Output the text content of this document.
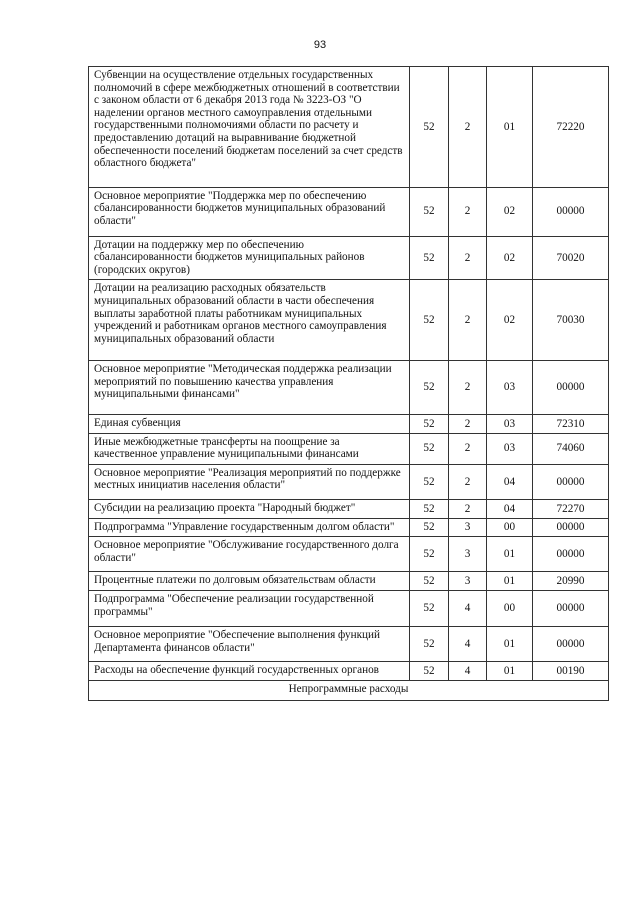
93
Субвенции на осуществление отдельных государственных полномочий в сфере межбюджетных отношений в соответствии с законом области от 6 декабря 2013 года № 3223-ОЗ "О наделении органов местного самоуправления отдельными государственными полномочиями области по расчету и предоставлению дотаций на выравнивание бюджетной обеспеченности поселений бюджетам поселений за счет средств областного бюджета"	52	2	01	72220
Основное мероприятие "Поддержка мер по обеспечению сбалансированности бюджетов муниципальных образований области"	52	2	02	00000
Дотации на поддержку мер по обеспечению сбалансированности бюджетов муниципальных районов (городских округов)	52	2	02	70020
Дотации на реализацию расходных обязательств муниципальных образований области в части обеспечения выплаты заработной платы работникам муниципальных учреждений и работникам органов местного самоуправления муниципальных образований области	52	2	02	70030
Основное мероприятие "Методическая поддержка реализации мероприятий по повышению качества управления муниципальными финансами"	52	2	03	00000
Единая субвенция	52	2	03	72310
Иные межбюджетные трансферты на поощрение за качественное управление муниципальными финансами	52	2	03	74060
Основное мероприятие "Реализация мероприятий по поддержке местных инициатив населения области"	52	2	04	00000
Субсидии на реализацию проекта "Народный бюджет"	52	2	04	72270
Подпрограмма "Управление государственным долгом области"	52	3	00	00000
Основное мероприятие "Обслуживание государственного долга области"	52	3	01	00000
Процентные платежи по долговым обязательствам области	52	3	01	20990
Подпрограмма "Обеспечение реализации государственной программы"	52	4	00	00000
Основное мероприятие "Обеспечение выполнения функций Департамента финансов области"	52	4	01	00000
Расходы на обеспечение функций государственных органов	52	4	01	00190
Непрограммные расходы				
